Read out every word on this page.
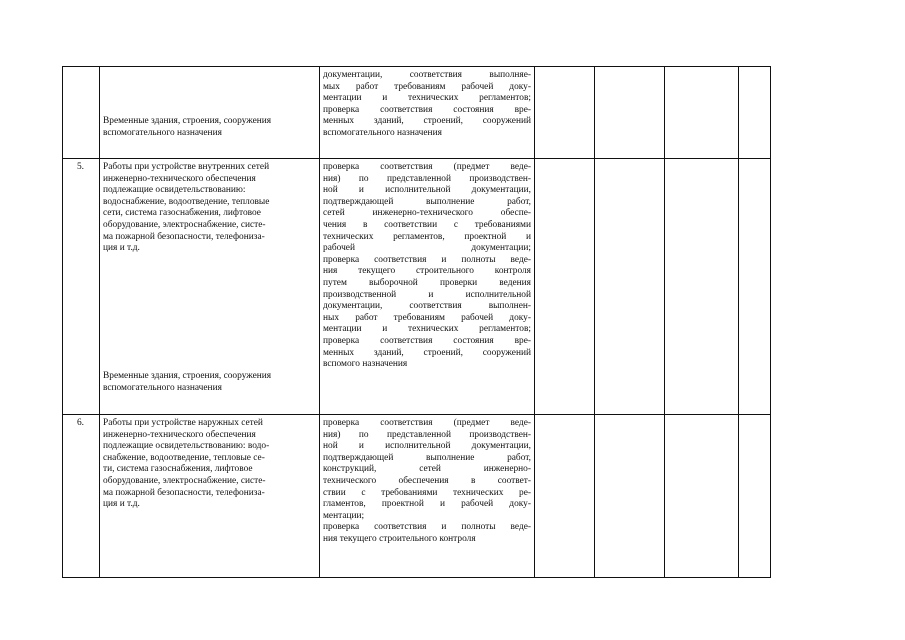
Временные здания, строения, сооружения
вспомогательного назначения
документации, соответствия выполняе-
мых работ требованиям рабочей доку-
ментации и технических регламентов;
проверка соответствия состояния вре-
менных зданий, строений, сооружений
вспомогательного назначения
5.	Работы при устройстве внутренних сетей
инженерно-технического обеспечения
подлежащие освидетельствованию:
водоснабжение, водоотведение, тепловые
сети, система газоснабжения, лифтовое
оборудование, электроснабжение, систе-
ма пожарной безопасности, телефониза-
ция и т.д.
Временные здания, строения, сооружения
вспомогательного назначения
проверка соответствия (предмет веде-
ния) по представленной производствен-
ной и исполнительной документации,
подтверждающей выполнение работ,
сетей инженерно-технического обеспе-
чения в соответствии с требованиями
технических регламентов, проектной и
рабочей документации;
проверка соответствия и полноты веде-
ния текущего строительного контроля
путем выборочной проверки ведения
производственной и исполнительной
документации, соответствия выполнен-
ных работ требованиям рабочей доку-
ментации и технических регламентов;
проверка соответствия состояния вре-
менных зданий, строений, сооружений
вспомого назначения
6.	Работы при устройстве наружных сетей
инженерно-технического обеспечения
подлежащие освидетельствованию: водо-
снабжение, водоотведение, тепловые се-
ти, система газоснабжения, лифтовое
оборудование, электроснабжение, систе-
ма пожарной безопасности, телефониза-
ция и т.д.
проверка соответствия (предмет веде-
ния) по представленной производствен-
ной и исполнительной документации,
подтверждающей выполнение работ,
конструкций, сетей инженерно-
технического обеспечения в соответ-
ствии с требованиями технических ре-
гламентов, проектной и рабочей доку-
ментации;
проверка соответствия и полноты веде-
ния текущего строительного контроля
